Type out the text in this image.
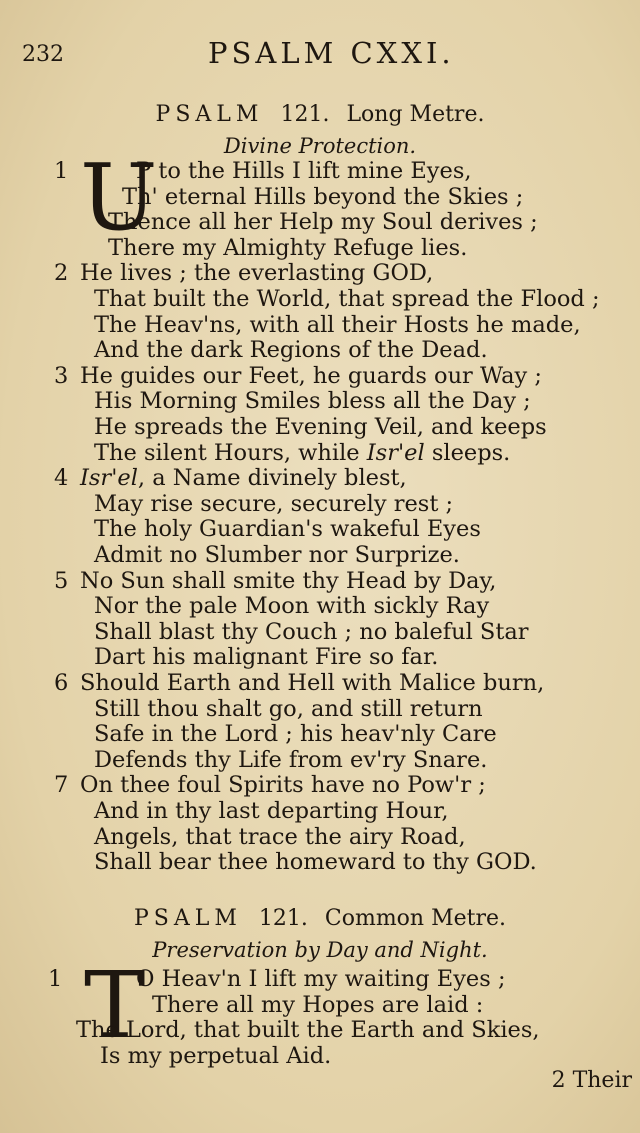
232	PSALM CXXI.
PSALM 121. Long Metre.
Divine Protection.
U
1	P to the Hills I lift mine Eyes,
Th' eternal Hills beyond the Skies ;
Thence all her Help my Soul derives ;
There my Almighty Refuge lies.
2 He lives ; the everlasting GOD,
That built the World, that spread the Flood ;
The Heav'ns, with all their Hosts he made,
And the dark Regions of the Dead.
3 He guides our Feet, he guards our Way ;
His Morning Smiles bless all the Day ;
He spreads the Evening Veil, and keeps
The silent Hours, while Isr'el sleeps.
4 Isr'el, a Name divinely blest,
May rise secure, securely rest ;
The holy Guardian's wakeful Eyes
Admit no Slumber nor Surprize.
5 No Sun shall smite thy Head by Day,
Nor the pale Moon with sickly Ray
Shall blast thy Couch ; no baleful Star
Dart his malignant Fire so far.
6 Should Earth and Hell with Malice burn,
Still thou shalt go, and still return
Safe in the Lord ; his heav'nly Care
Defends thy Life from ev'ry Snare.
7 On thee foul Spirits have no Pow'r ;
And in thy last departing Hour,
Angels, that trace the airy Road,
Shall bear thee homeward to thy GOD.
PSALM 121. Common Metre.
Preservation by Day and Night.
T
1	O Heav'n I lift my waiting Eyes ;
There all my Hopes are laid :
The Lord, that built the Earth and Skies,
Is my perpetual Aid.
2 Their
